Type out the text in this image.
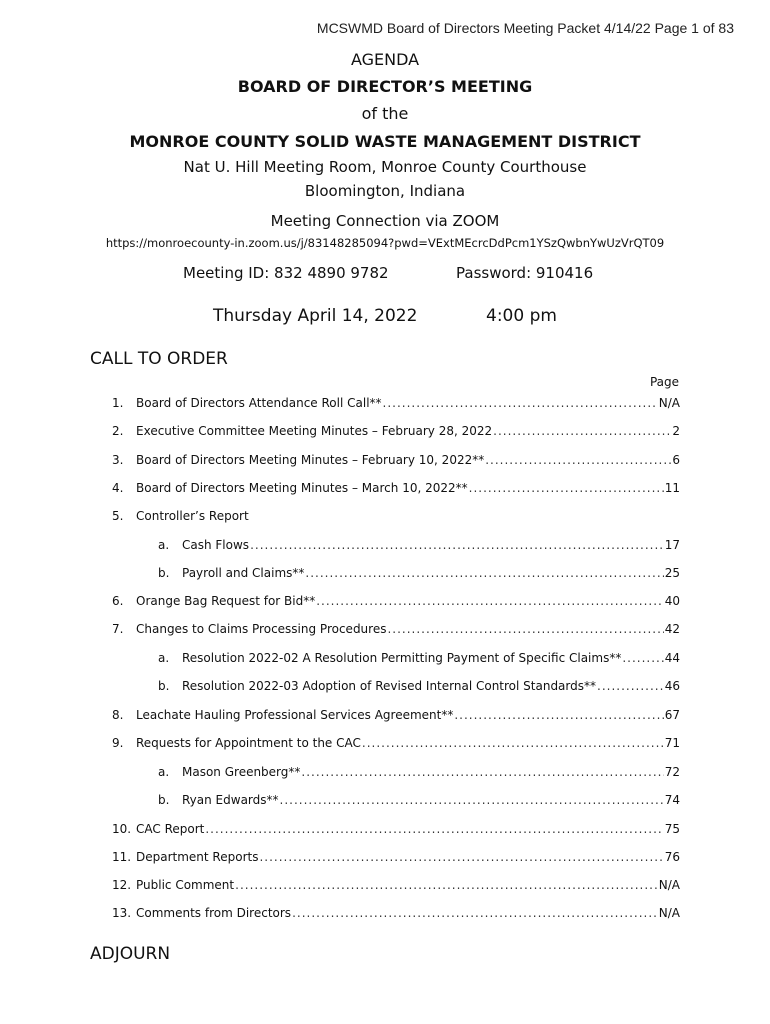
MCSWMD Board of Directors Meeting Packet 4/14/22 Page 1 of 83
AGENDA
BOARD OF DIRECTOR’S MEETING
of the
MONROE COUNTY SOLID WASTE MANAGEMENT DISTRICT
Nat U. Hill Meeting Room, Monroe County Courthouse
Bloomington, Indiana
Meeting Connection via ZOOM
https://monroecounty-in.zoom.us/j/83148285094?pwd=VExtMEcrcDdPcm1YSzQwbnYwUzVrQT09
Meeting ID: 832 4890 9782	Password: 910416
Thursday April 14, 2022	4:00 pm
CALL TO ORDER
Page
1.	Board of Directors Attendance Roll Call** .....	N/A
2.	Executive Committee Meeting Minutes – February 28, 2022 .....	2
3.	Board of Directors Meeting Minutes – February 10, 2022** .....	6
4.	Board of Directors Meeting Minutes – March 10, 2022** .....	11
5.	Controller’s Report
a.	Cash Flows .....	17
b.	Payroll and Claims** .....	25
6.	Orange Bag Request for Bid** .....	40
7.	Changes to Claims Processing Procedures .....	42
a.	Resolution 2022-02 A Resolution Permitting Payment of Specific Claims** .....	44
b.	Resolution 2022-03 Adoption of Revised Internal Control Standards** .....	46
8.	Leachate Hauling Professional Services Agreement** .....	67
9.	Requests for Appointment to the CAC .....	71
a.	Mason Greenberg** .....	72
b.	Ryan Edwards** .....	74
10. CAC Report .....	75
11. Department Reports .....	76
12. Public Comment .....	N/A
13. Comments from Directors .....	N/A
ADJOURN
